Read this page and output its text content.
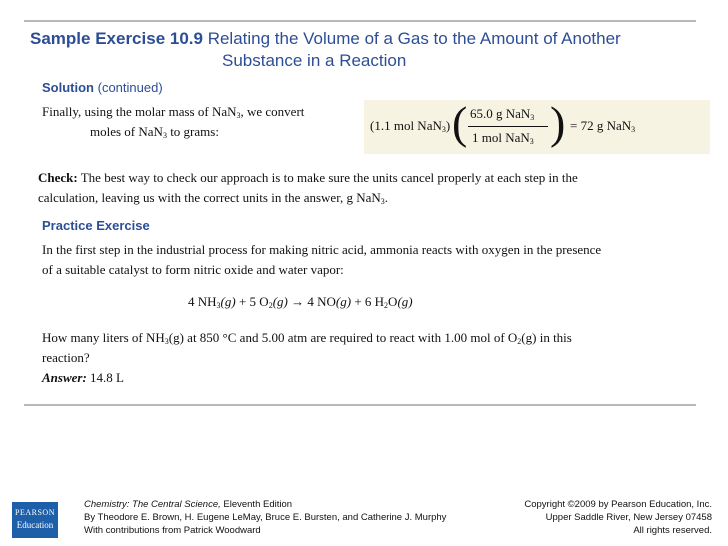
Sample Exercise 10.9 Relating the Volume of a Gas to the Amount of Another
Substance in a Reaction
Solution (continued)
Finally, using the molar mass of NaN$_3$, we convert
moles of NaN$_3$ to grams:	(1.1 mol NaN$_3$) ( 65.0 g NaN$_3$
1 mol NaN$_3$ ) = 72 g NaN$_3$
Check: The best way to check our approach is to make sure the units cancel properly at each step in the
calculation, leaving us with the correct units in the answer, g NaN$_3$.
Practice Exercise
In the first step in the industrial process for making nitric acid, ammonia reacts with oxygen in the presence
of a suitable catalyst to form nitric oxide and water vapor:
4 $NH_3(g) + 5$ $O_2(g) \to 4$ NO(g) + 6 $H_2O(g)$
How many liters of $NH_3(g)$ at 850 °C and 5.00 atm are required to react with 1.00 mol of $O_2(g)$ in this
reaction?
Answer: 14.8 L
PEARSON
Education
Chemistry: The Central Science, Eleventh Edition
By Theodore E. Brown, H. Eugene LeMay, Bruce E. Bursten, and Catherine J. Murphy
With contributions from Patrick Woodward
Copyright ©2009 by Pearson Education, Inc.
Upper Saddle River, New Jersey 07458
All rights reserved.
